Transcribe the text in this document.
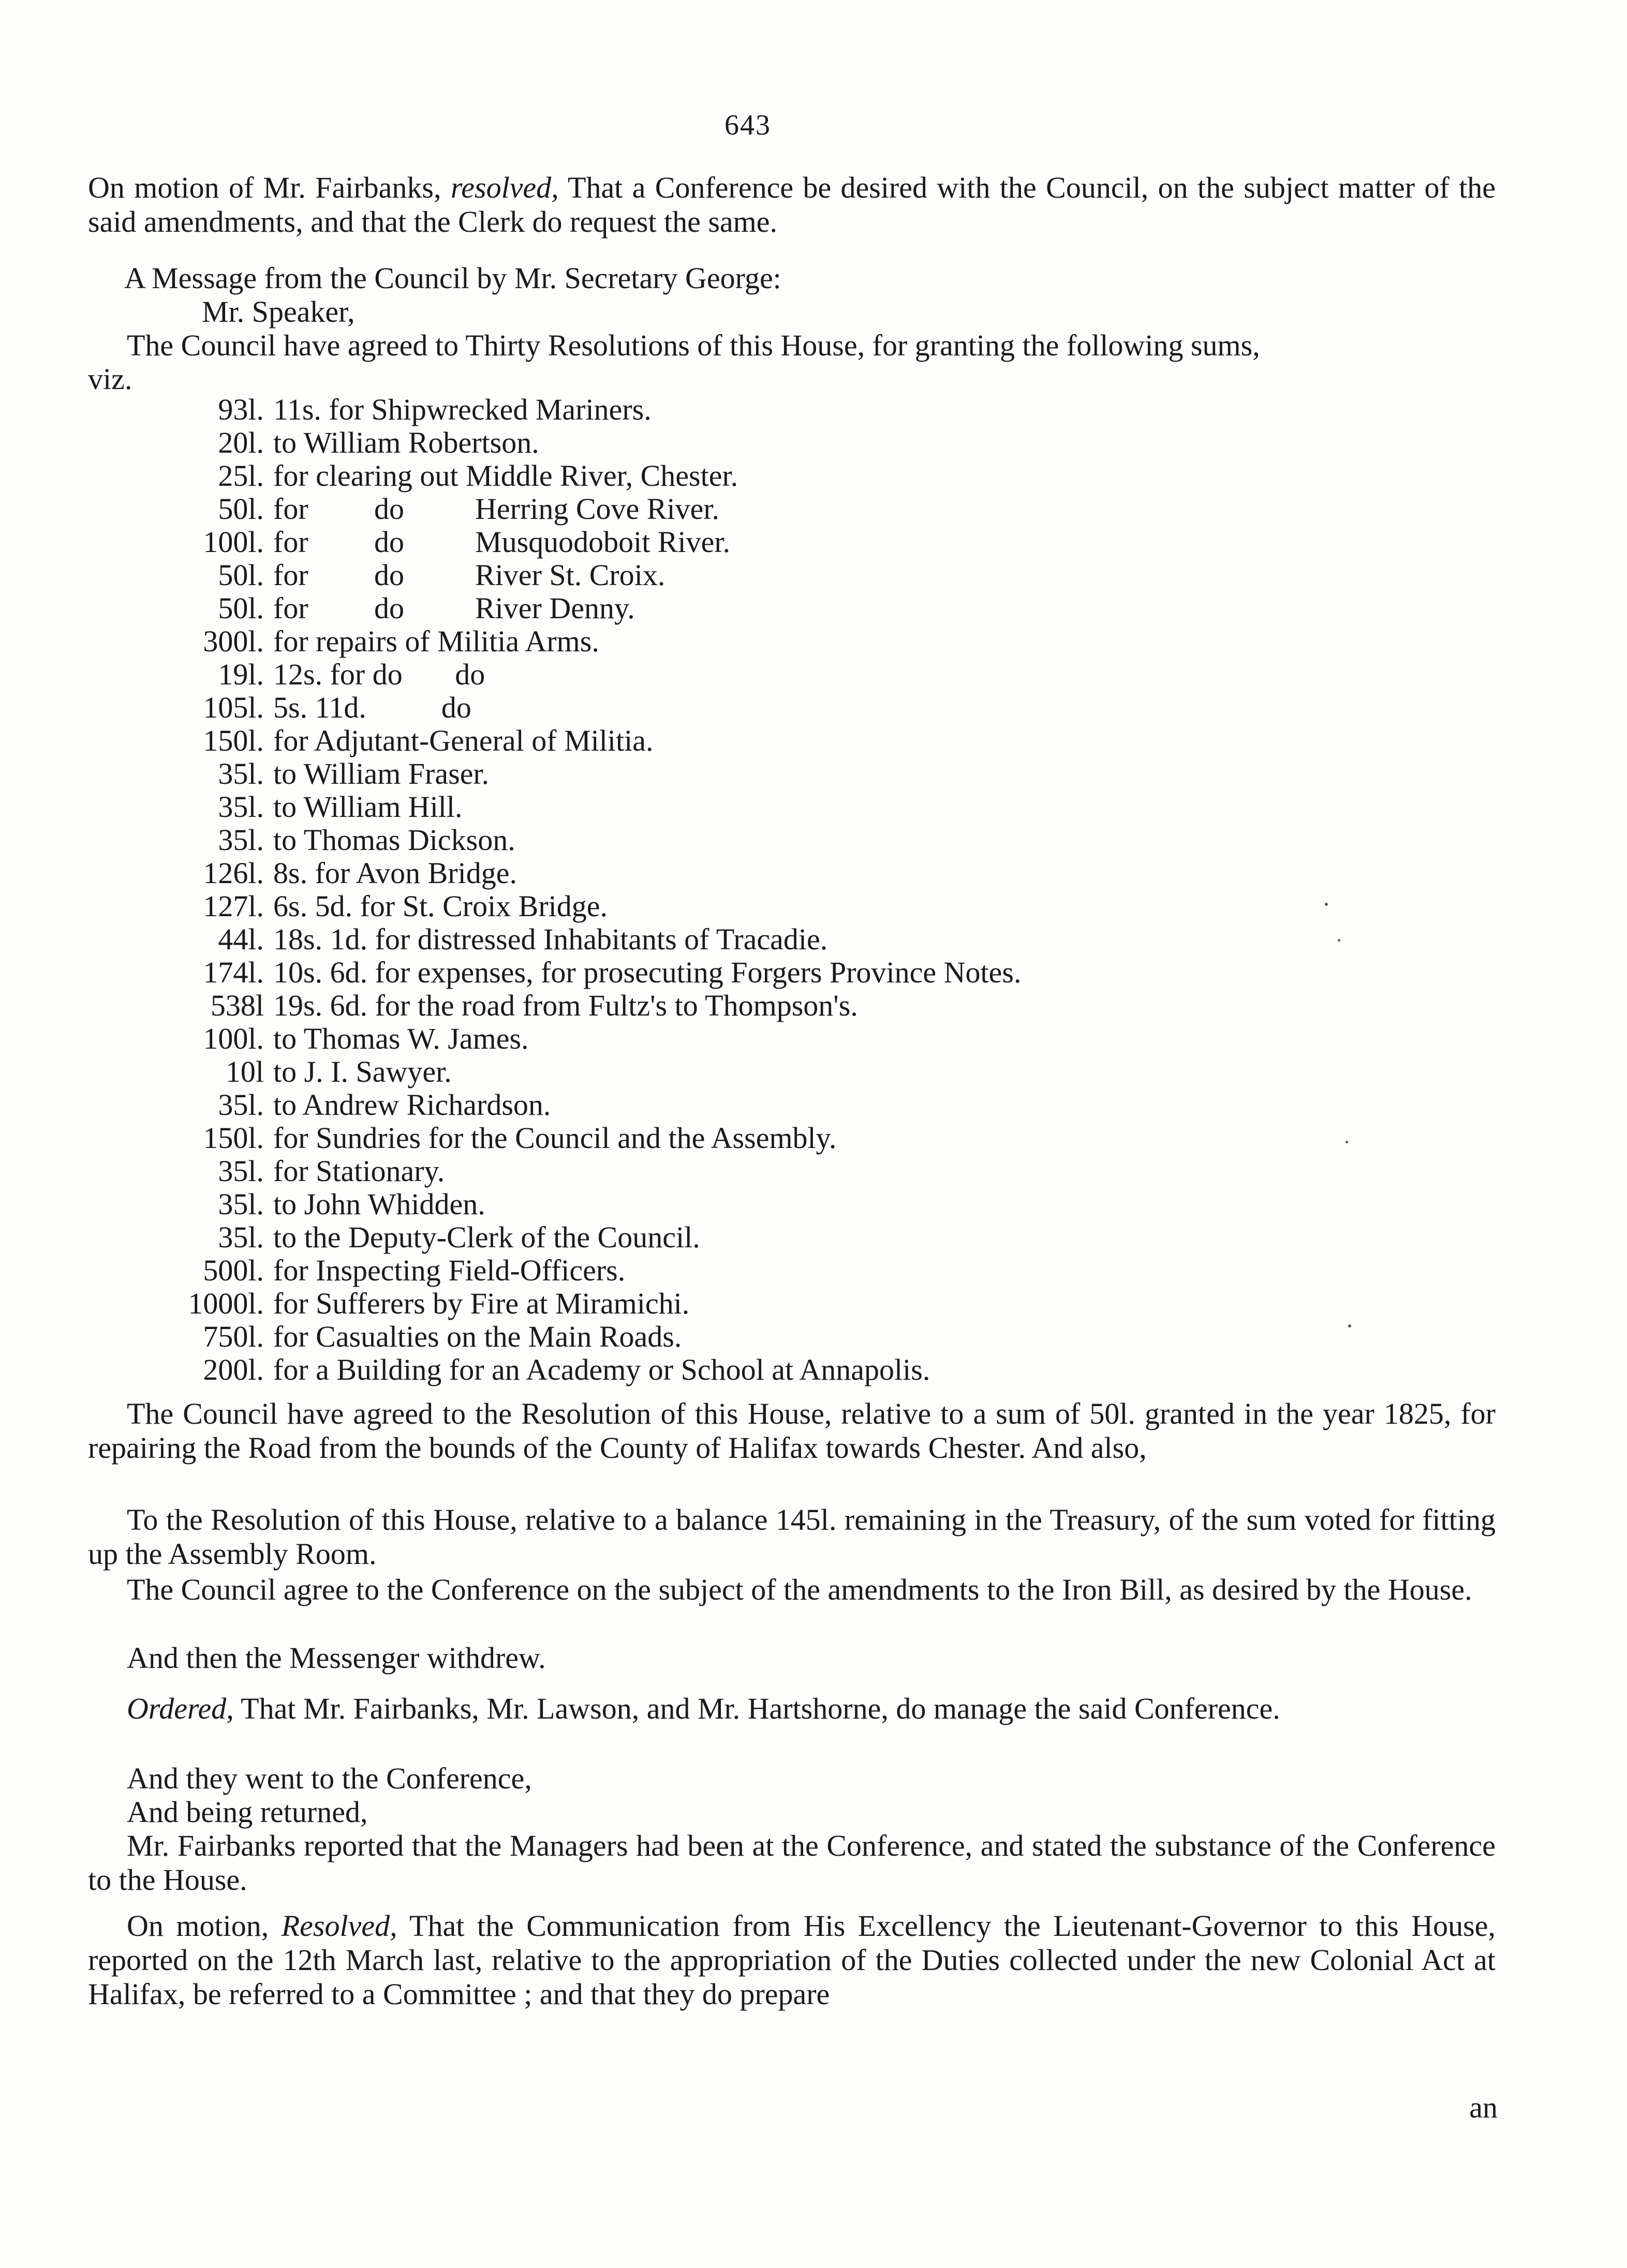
643

On motion of Mr. Fairbanks, resolved, That a Conference be desired with the Council, on the subject matter of the said amendments, and that the Clerk do request the same.

A Message from the Council by Mr. Secretary George:
Mr. Speaker,
The Council have agreed to Thirty Resolutions of this House, for granting the following sums,
viz.
93l. 11s. for Shipwrecked Mariners.
20l. to William Robertson.
25l. for clearing out Middle River, Chester.
50l. for do Herring Cove River.
100l. for do Musquodoboit River.
50l. for do River St. Croix.
50l. for do River Denny.
300l. for repairs of Militia Arms.
19l. 12s. for do       do
105l. 5s. 11d.          do
150l. for Adjutant-General of Militia.
35l. to William Fraser.
35l. to William Hill.
35l. to Thomas Dickson.
126l. 8s. for Avon Bridge.
127l. 6s. 5d. for St. Croix Bridge.
44l. 18s. 1d. for distressed Inhabitants of Tracadie.
174l. 10s. 6d. for expenses, for prosecuting Forgers Province Notes.
538l 19s. 6d. for the road from Fultz's to Thompson's.
100l. to Thomas W. James.
10l to J. I. Sawyer.
35l. to Andrew Richardson.
150l. for Sundries for the Council and the Assembly.
35l. for Stationary.
35l. to John Whidden.
35l. to the Deputy-Clerk of the Council.
500l. for Inspecting Field-Officers.
1000l. for Sufferers by Fire at Miramichi.
750l. for Casualties on the Main Roads.
200l. for a Building for an Academy or School at Annapolis.

The Council have agreed to the Resolution of this House, relative to a sum of 50l. granted in the year 1825, for repairing the Road from the bounds of the County of Halifax towards Chester. And also,

To the Resolution of this House, relative to a balance 145l. remaining in the Treasury, of the sum voted for fitting up the Assembly Room.

The Council agree to the Conference on the subject of the amendments to the Iron Bill, as desired by the House.

And then the Messenger withdrew.

Ordered, That Mr. Fairbanks, Mr. Lawson, and Mr. Hartshorne, do manage the said Conference.

And they went to the Conference,
And being returned,

Mr. Fairbanks reported that the Managers had been at the Conference, and stated the substance of the Conference to the House.

On motion, Resolved, That the Communication from His Excellency the Lieutenant-Governor to this House, reported on the 12th March last, relative to the appropriation of the Duties collected under the new Colonial Act at Halifax, be referred to a Committee ; and that they do prepare

an
